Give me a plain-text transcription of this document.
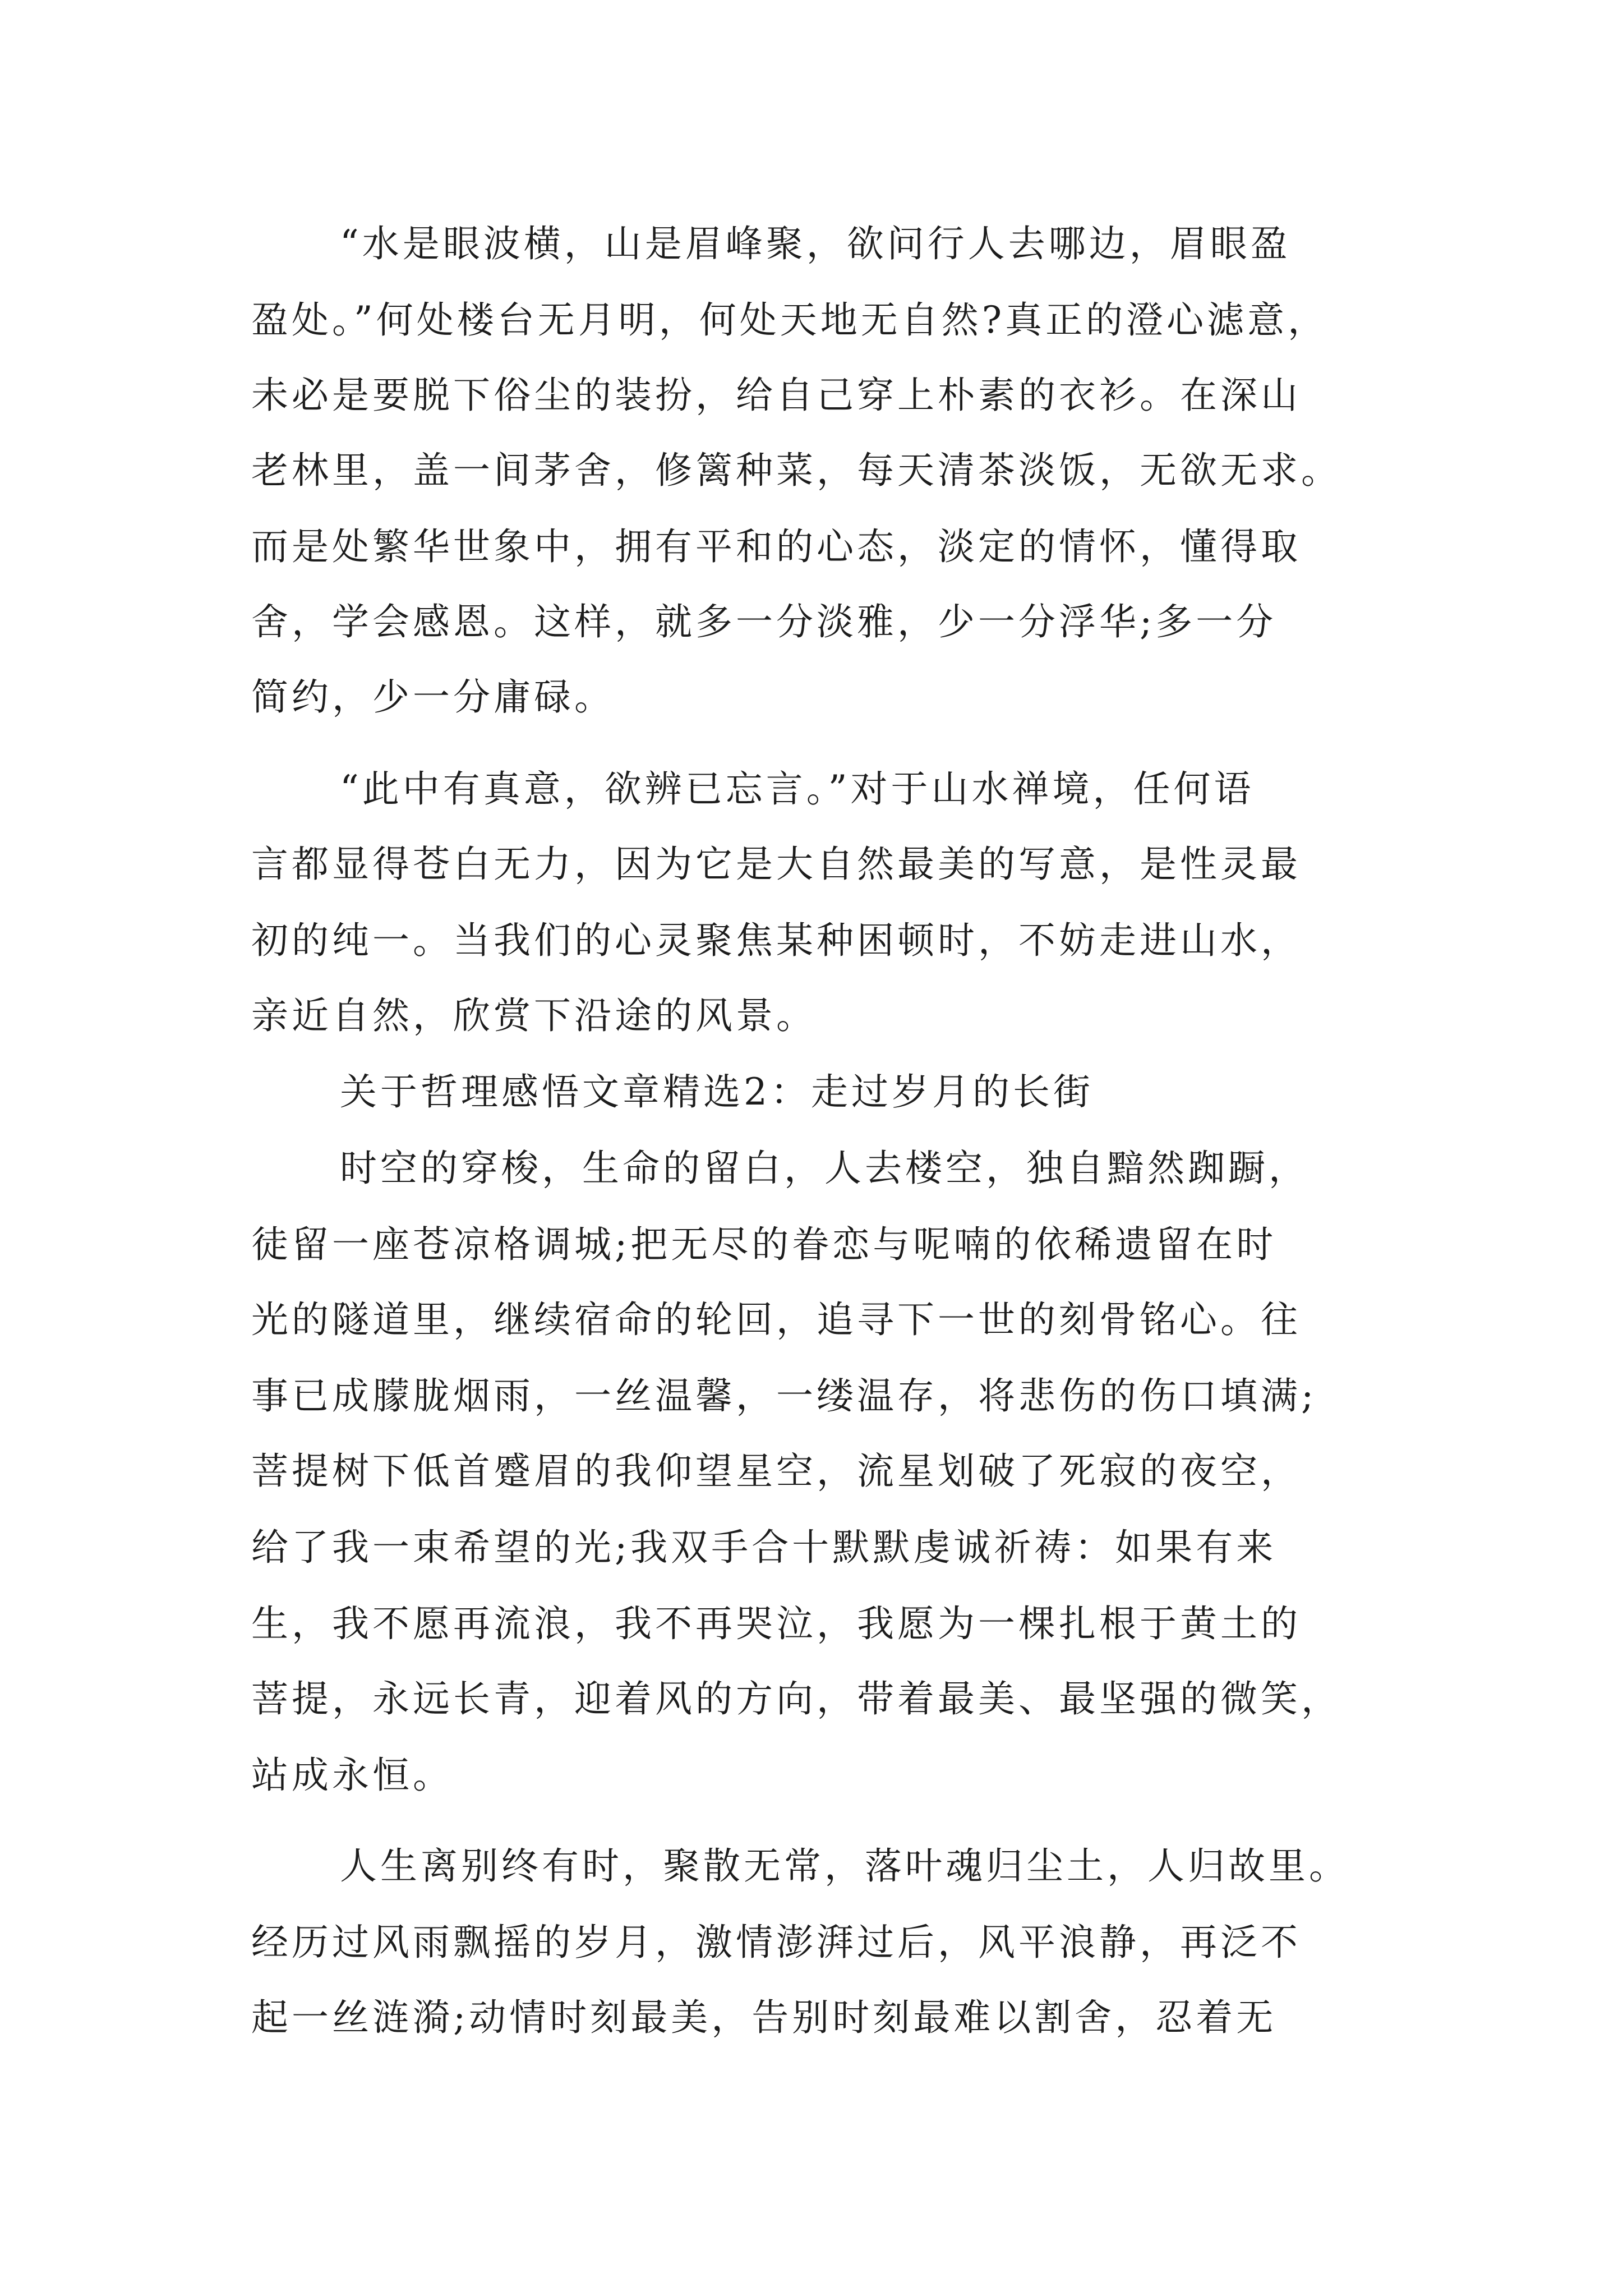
“水是眼波横，山是眉峰聚，欲问行人去哪边，眉眼盈
盈处。”何处楼台无月明，何处天地无自然?真正的澄心滤意，
未必是要脱下俗尘的装扮，给自己穿上朴素的衣衫。在深山
老林里，盖一间茅舍，修篱种菜，每天清茶淡饭，无欲无求。
而是处繁华世象中，拥有平和的心态，淡定的情怀，懂得取
舍，学会感恩。这样，就多一分淡雅，少一分浮华;多一分
简约，少一分庸碌。
“此中有真意，欲辨已忘言。”对于山水禅境，任何语
言都显得苍白无力，因为它是大自然最美的写意，是性灵最
初的纯一。当我们的心灵聚焦某种困顿时，不妨走进山水，
亲近自然，欣赏下沿途的风景。
关于哲理感悟文章精选2：走过岁月的长街
时空的穿梭，生命的留白，人去楼空，独自黯然踟蹰，
徒留一座苍凉格调城;把无尽的眷恋与呢喃的依稀遗留在时
光的隧道里，继续宿命的轮回，追寻下一世的刻骨铭心。往
事已成朦胧烟雨，一丝温馨，一缕温存，将悲伤的伤口填满;
菩提树下低首蹙眉的我仰望星空，流星划破了死寂的夜空，
给了我一束希望的光;我双手合十默默虔诚祈祷：如果有来
生，我不愿再流浪，我不再哭泣，我愿为一棵扎根于黄土的
菩提，永远长青，迎着风的方向，带着最美、最坚强的微笑，
站成永恒。
人生离别终有时，聚散无常，落叶魂归尘土，人归故里。
经历过风雨飘摇的岁月，激情澎湃过后，风平浪静，再泛不
起一丝涟漪;动情时刻最美，告别时刻最难以割舍，忍着无
